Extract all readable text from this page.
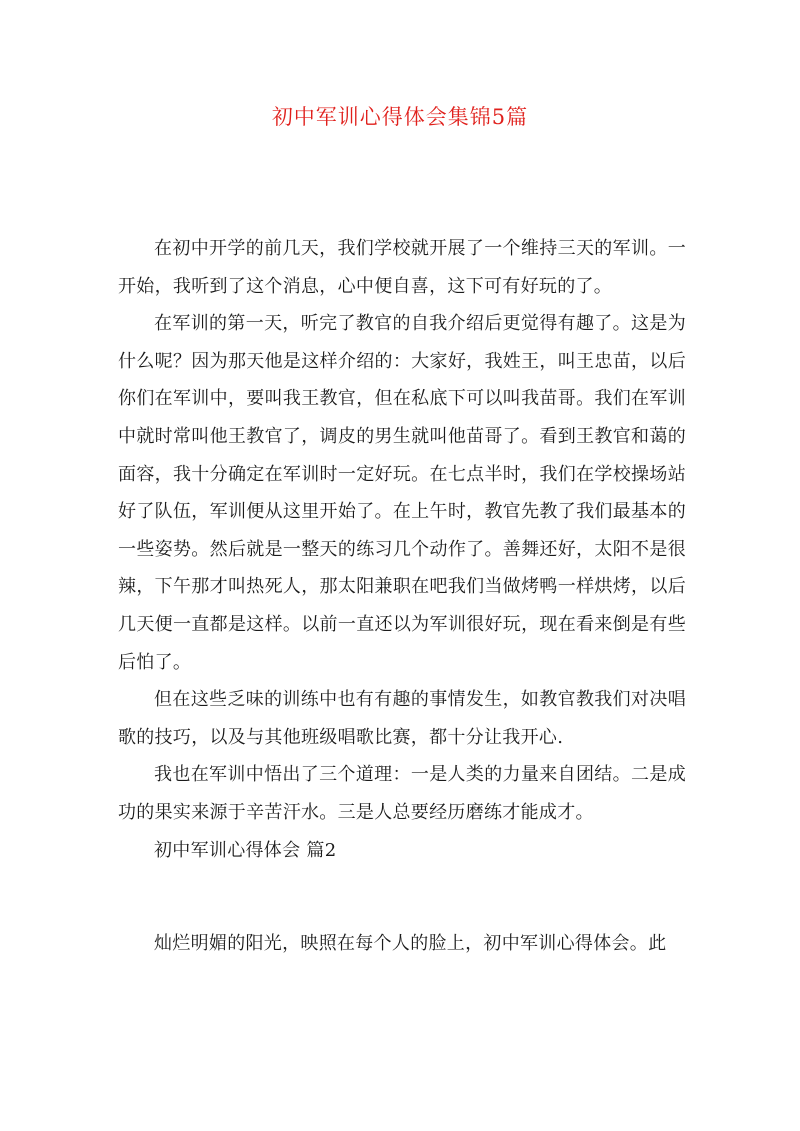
初中军训心得体会集锦5篇

在初中开学的前几天，我们学校就开展了一个维持三天的军训。一开始，我听到了这个消息，心中便自喜，这下可有好玩的了。

在军训的第一天，听完了教官的自我介绍后更觉得有趣了。这是为什么呢？因为那天他是这样介绍的：大家好，我姓王，叫王忠苗，以后你们在军训中，要叫我王教官，但在私底下可以叫我苗哥。我们在军训中就时常叫他王教官了，调皮的男生就叫他苗哥了。看到王教官和蔼的面容，我十分确定在军训时一定好玩。在七点半时，我们在学校操场站好了队伍，军训便从这里开始了。在上午时，教官先教了我们最基本的一些姿势。然后就是一整天的练习几个动作了。善舞还好，太阳不是很辣，下午那才叫热死人，那太阳兼职在吧我们当做烤鸭一样烘烤，以后几天便一直都是这样。以前一直还以为军训很好玩，现在看来倒是有些后怕了。

但在这些乏味的训练中也有有趣的事情发生，如教官教我们对决唱歌的技巧，以及与其他班级唱歌比赛，都十分让我开心.

我也在军训中悟出了三个道理：一是人类的力量来自团结。二是成功的果实来源于辛苦汗水。三是人总要经历磨练才能成才。

初中军训心得体会 篇2

灿烂明媚的阳光，映照在每个人的脸上，初中军训心得体会。此
